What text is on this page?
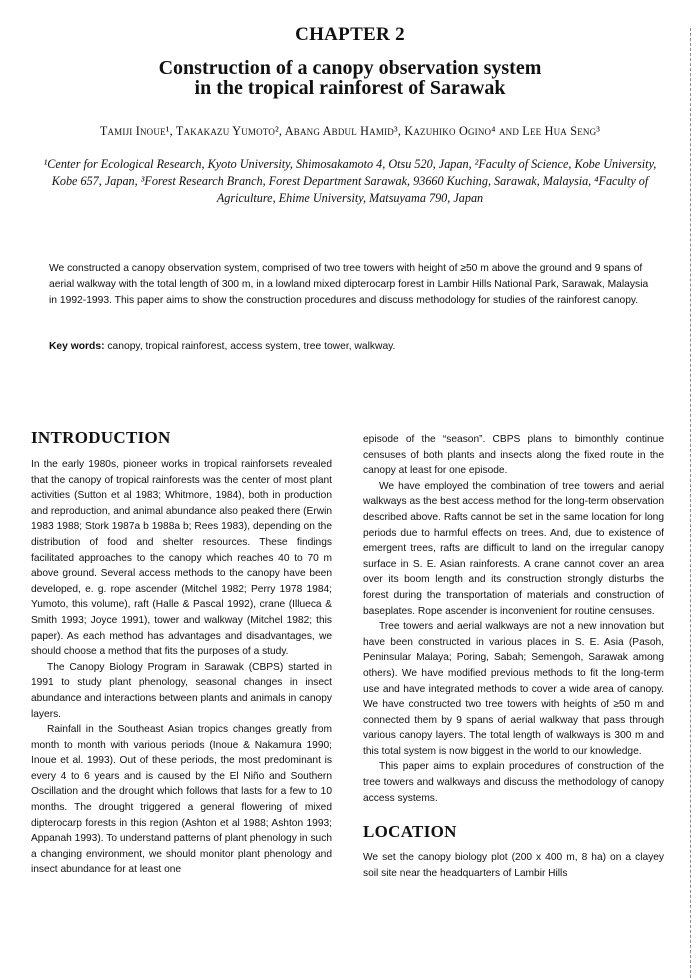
CHAPTER 2
Construction of a canopy observation system
in the tropical rainforest of Sarawak
Tamiji Inoue¹, Takakazu Yumoto², Abang Abdul Hamid³, Kazuhiko Ogino⁴ and Lee Hua Seng³
¹Center for Ecological Research, Kyoto University, Shimosakamoto 4, Otsu 520, Japan, ²Faculty of Science, Kobe University, Kobe 657, Japan, ³Forest Research Branch, Forest Department Sarawak, 93660 Kuching, Sarawak, Malaysia, ⁴Faculty of Agriculture, Ehime University, Matsuyama 790, Japan
We constructed a canopy observation system, comprised of two tree towers with height of ≥50 m above the ground and 9 spans of aerial walkway with the total length of 300 m, in a lowland mixed dipterocarp forest in Lambir Hills National Park, Sarawak, Malaysia in 1992-1993. This paper aims to show the construction procedures and discuss methodology for studies of the rainforest canopy.
Key words: canopy, tropical rainforest, access system, tree tower, walkway.
INTRODUCTION

In the early 1980s, pioneer works in tropical rainforsets revealed that the canopy of tropical rainforests was the center of most plant activities (Sutton et al 1983; Whitmore, 1984), both in production and reproduction, and animal abundance also peaked there (Erwin 1983 1988; Stork 1987a b 1988a b; Rees 1983), depending on the distribution of food and shelter resources. These findings facilitated approaches to the canopy which reaches 40 to 70 m above ground. Several access methods to the canopy have been developed, e. g. rope ascender (Mitchel 1982; Perry 1978 1984; Yumoto, this volume), raft (Halle & Pascal 1992), crane (Illueca & Smith 1993; Joyce 1991), tower and walkway (Mitchel 1982; this paper). As each method has advantages and disadvantages, we should choose a method that fits the purposes of a study.

The Canopy Biology Program in Sarawak (CBPS) started in 1991 to study plant phenology, seasonal changes in insect abundance and interactions between plants and animals in canopy layers.

Rainfall in the Southeast Asian tropics changes greatly from month to month with various periods (Inoue & Nakamura 1990; Inoue et al. 1993). Out of these periods, the most predominant is every 4 to 6 years and is caused by the El Niño and Southern Oscillation and the drought which follows that lasts for a few to 10 months. The drought triggered a general flowering of mixed dipterocarp forests in this region (Ashton et al 1988; Ashton 1993; Appanah 1993). To understand patterns of plant phenology in such a changing environment, we should monitor plant phenology and insect abundance for at least one

episode of the “season”. CBPS plans to bimonthly continue censuses of both plants and insects along the fixed route in the canopy at least for one episode.

We have employed the combination of tree towers and aerial walkways as the best access method for the long-term observation described above. Rafts cannot be set in the same location for long periods due to harmful effects on trees. And, due to existence of emergent trees, rafts are difficult to land on the irregular canopy surface in S. E. Asian rainforests. A crane cannot cover an area over its boom length and its construction strongly disturbs the forest during the transportation of materials and construction of baseplates. Rope ascender is inconvenient for routine censuses.

Tree towers and aerial walkways are not a new innovation but have been constructed in various places in S. E. Asia (Pasoh, Peninsular Malaya; Poring, Sabah; Semengoh, Sarawak among others). We have modified previous methods to fit the long-term use and have integrated methods to cover a wide area of canopy. We have constructed two tree towers with heights of ≥50 m and connected them by 9 spans of aerial walkway that pass through various canopy layers. The total length of walkways is 300 m and this total system is now biggest in the world to our knowledge.

This paper aims to explain procedures of construction of the tree towers and walkways and discuss the methodology of canopy access systems.

LOCATION

We set the canopy biology plot (200 x 400 m, 8 ha) on a clayey soil site near the headquarters of Lambir Hills
